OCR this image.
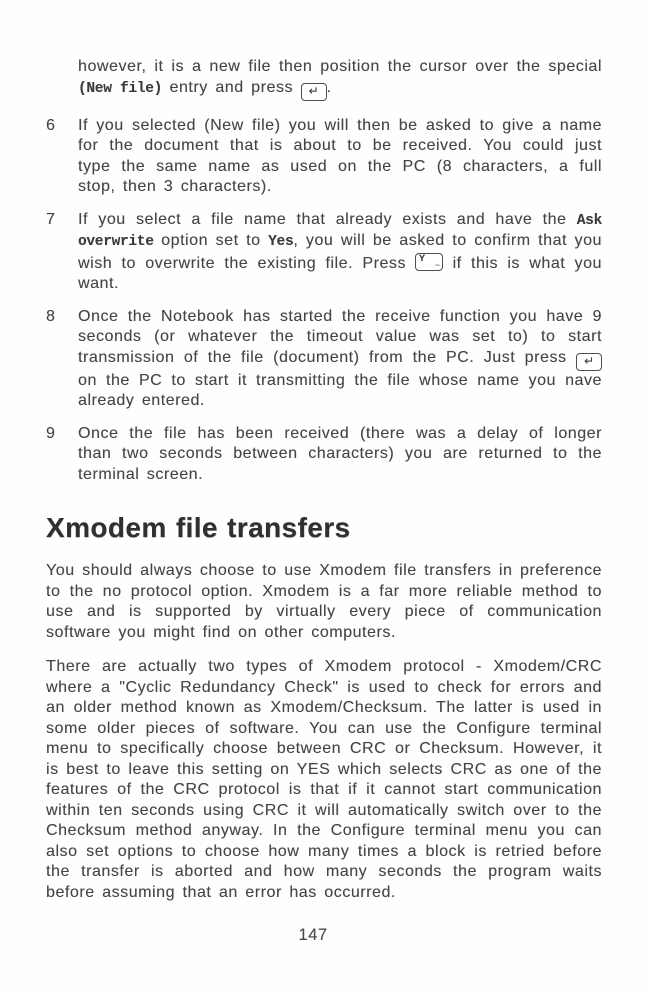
however, it is a new file then position the cursor over the special (New file) entry and press ↵ .

6	If you selected (New file) you will then be asked to give a name for the document that is about to be received. You could just type the same name as used on the PC (8 characters, a full stop, then 3 characters).

7	If you select a file name that already exists and have the Ask overwrite option set to Yes, you will be asked to confirm that you wish to overwrite the existing file. Press Y
~ if this is what you want.

8	Once the Notebook has started the receive function you have 9 seconds (or whatever the timeout value was set to) to start transmission of the file (document) from the PC. Just press ↵ on the PC to start it transmitting the file whose name you nave already entered.

9	Once the file has been received (there was a delay of longer than two seconds between characters) you are returned to the terminal screen.

Xmodem file transfers

You should always choose to use Xmodem file transfers in preference to the no protocol option. Xmodem is a far more reliable method to use and is supported by virtually every piece of communication software you might find on other computers.

There are actually two types of Xmodem protocol - Xmodem/CRC where a "Cyclic Redundancy Check" is used to check for errors and an older method known as Xmodem/Checksum. The latter is used in some older pieces of software. You can use the Configure terminal menu to specifically choose between CRC or Checksum. However, it is best to leave this setting on YES which selects CRC as one of the features of the CRC protocol is that if it cannot start communication within ten seconds using CRC it will automatically switch over to the Checksum method anyway. In the Configure terminal menu you can also set options to choose how many times a block is retried before the transfer is aborted and how many seconds the program waits before assuming that an error has occurred.

147
